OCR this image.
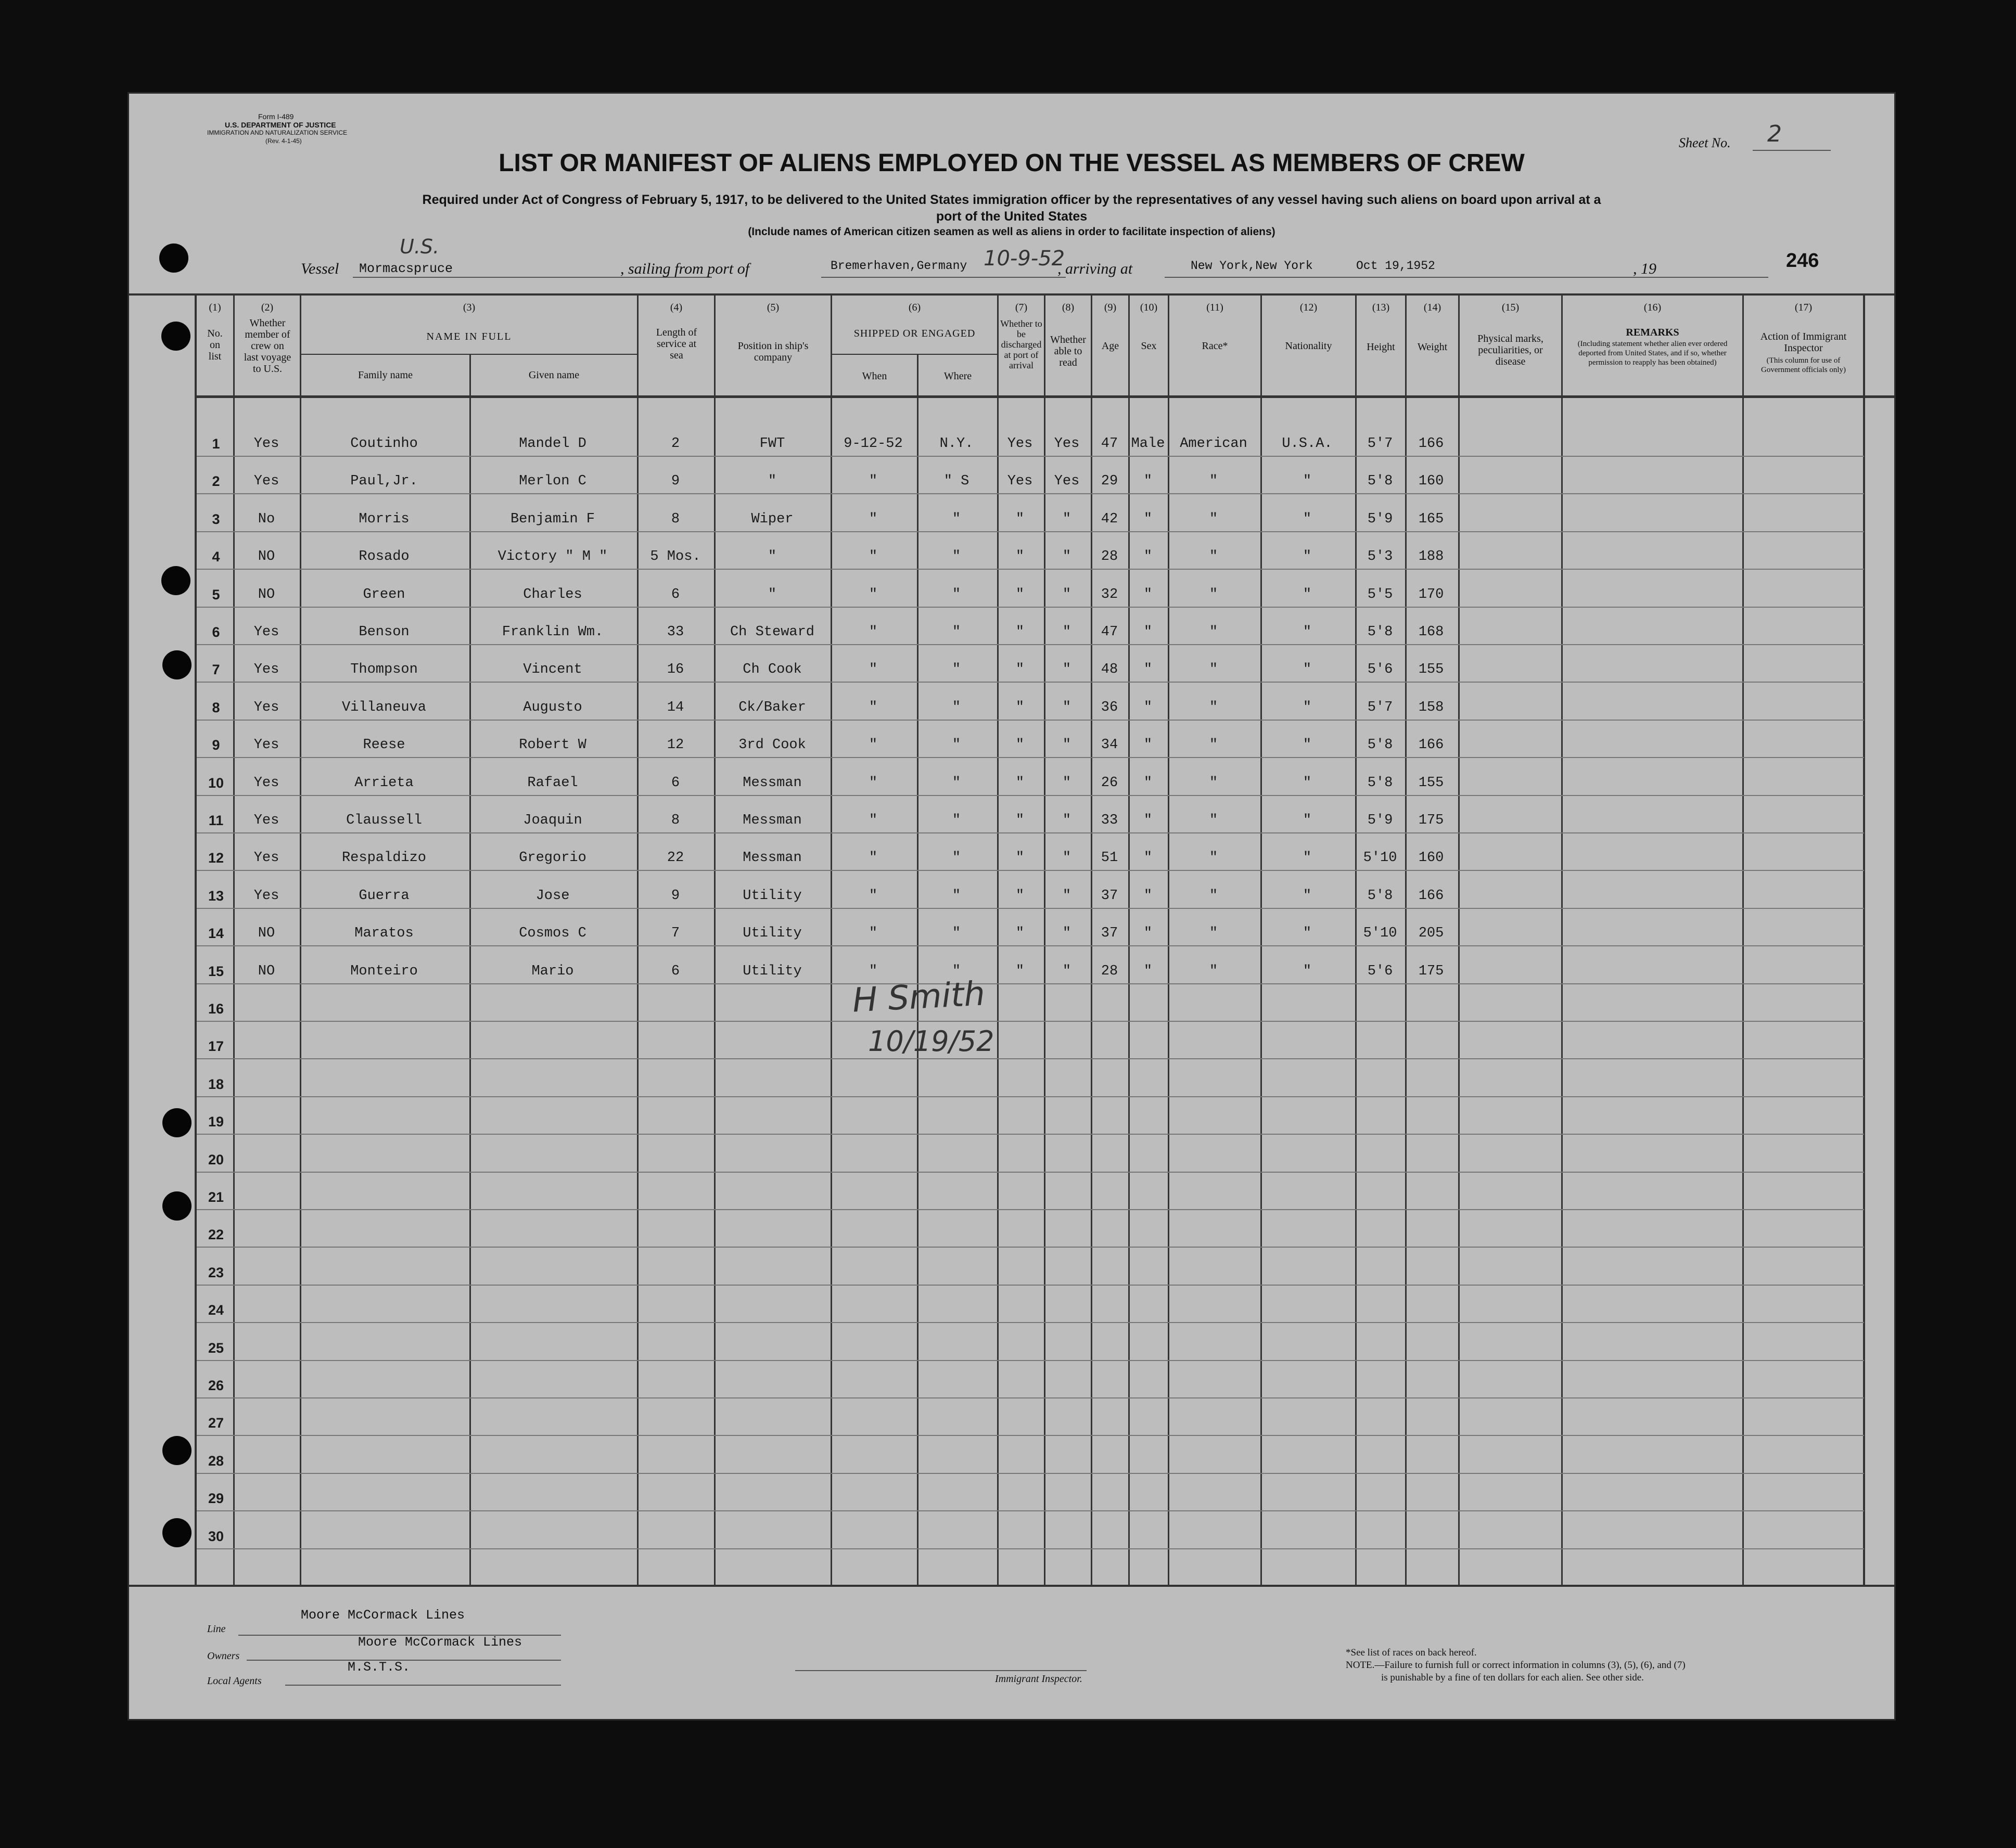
Form I-489
U.S. DEPARTMENT OF JUSTICE
IMMIGRATION AND NATURALIZATION SERVICE
(Rev. 4-1-45)	Sheet No. 2
LIST OR MANIFEST OF ALIENS EMPLOYED ON THE VESSEL AS MEMBERS OF CREW
Required under Act of Congress of February 5, 1917, to be delivered to the United States immigration officer by the representatives of any vessel having such aliens on board upon arrival at a
port of the United States
(Include names of American citizen seamen as well as aliens in order to facilitate inspection of aliens)
Vessel Mormacspruce
U.S.
, sailing from port of	Bremerhaven,Germany 10-9-52
, arriving at	New York,New York	Oct 19,1952	, 19	246
(1)
No. on list
(2)
Whether member of crew on last voyage to U.S.
(3)
NAME IN FULL
Family name	Given name
(4)
Length of service at sea
(5)
Position in ship's company
(6)
SHIPPED OR ENGAGED
When	Where
(7)
Whether to be discharged at port of arrival
(8)
Whether able to read
(9)
Age
(10)
Sex
(11)
Race*
(12)
Nationality
(13)
Height
(14)
Weight
(15)
Physical marks, peculiarities, or disease
(16)
REMARKS
(Including statement whether alien ever ordered deported from United States, and if so, whether permission to reapply has been obtained)
(17)
Action of Immigrant Inspector
(This column for use of Government officials only)
1	Yes	Coutinho	Mandel D	2	FWT	9-12-52	N.Y.	Yes	Yes	47 Male	American	U.S.A.	5'7	166
2	Yes	Paul,Jr.	Merlon C	9	"	"	" S	Yes	Yes	29	"	"	"	5'8	160
3	No	Morris	Benjamin F	8	Wiper	"	"	"	"	42	"	"	"	5'9	165
4	NO	Rosado	Victory " M "	5 Mos.	"	"	"	"	"	28	"	"	"	5'3	188
5	NO	Green	Charles	6	"	"	"	"	"	32	"	"	"	5'5	170
6	Yes	Benson	Franklin Wm.	33	Ch Steward	"	"	"	"	47	"	"	"	5'8	168
7	Yes	Thompson	Vincent	16	Ch Cook	"	"	"	"	48	"	"	"	5'6	155
8	Yes	Villaneuva	Augusto	14	Ck/Baker	"	"	"	"	36	"	"	"	5'7	158
9	Yes	Reese	Robert W	12	3rd Cook	"	"	"	"	34	"	"	"	5'8	166
10	Yes	Arrieta	Rafael	6	Messman	"	"	"	"	26	"	"	"	5'8	155
11	Yes	Claussell	Joaquin	8	Messman	"	"	"	"	33	"	"	"	5'9	175
12	Yes	Respaldizo	Gregorio	22	Messman	"	"	"	"	51	"	"	"	5'10	160
13	Yes	Guerra	Jose	9	Utility	"	"	"	"	37	"	"	"	5'8	166
14	NO	Maratos	Cosmos C	7	Utility	"	"	"	"	37	"	"	"	5'10	205
15	NO	Monteiro	Mario	6	Utility	"	"	"	"	28	"	"	"	5'6	175
16
17
18
19
20
21
22
23
24
25
26
27
28
29
30
H Smith
10/19/52
Moore McCormack Lines
Line
Moore McCormack Lines
Owners
M.S.T.S.
Local Agents	Immigrant Inspector.
*See list of races on back hereof.
NOTE.—Failure to furnish full or correct information in columns (3), (5), (6), and (7)
is punishable by a fine of ten dollars for each alien. See other side.
